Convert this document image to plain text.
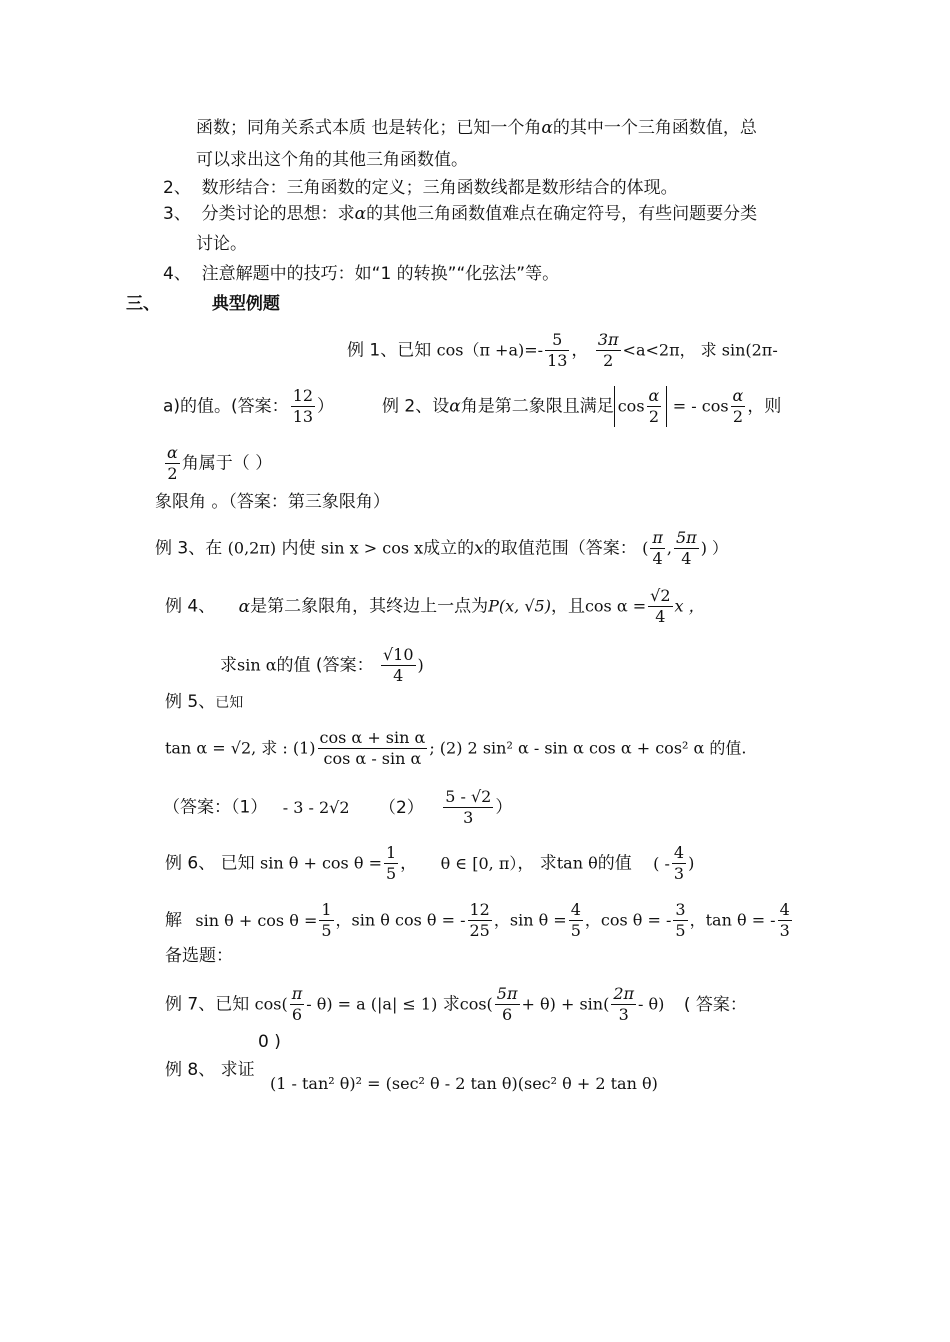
函数；同角关系式本质 也是转化；已知一个角α的其中一个三角函数值，总
可以求出这个角的其他三角函数值。
2、 数形结合：三角函数的定义；三角函数线都是数形结合的体现。
3、 分类讨论的思想：求α的其他三角函数值难点在确定符号，有些问题要分类
讨论。
4、 注意解题中的技巧：如“1 的转换”“化弦法”等。
三、	典型例题
例 1、已知 $\cos(\pi +a)=- \frac{5}{13}$ ， $\frac{3\pi}{2} <a<2\pi$， 求 sin(2π-
a)的值。(答案： $\frac{12}{13}$ ）	例 2、设α角是第二象限且满足 $\cos \frac{\alpha}{2}$ = - $\cos \frac{\alpha}{2}$ ，则
$\frac{\alpha}{2}$ 角属于（ ）
象限角 。（答案：第三象限角）
例 3、在 (0,2π) 内使 sin x > cos x成立的x的取值范围（答案： ( $\frac{\pi}{4}$ , $\frac{5\pi}{4}$ ) ）
例 4、 α是第二象限角，其终边上一点为P(x, √5)，且$\cos \alpha = \frac{√2}{4}$ x ，
求sin α的值 (答案： $\frac{√10}{4}$ )
例 5、已知
tan α = √2, 求 : $(1) \frac{\text{cos α + sin α}}{\text{cos α - sin α}}$ ; (2) 2 sin² α - sin α cos α + cos² α 的值.
（答案：（1） - 3 - 2√2 $(2) \frac{5 - √2}{3}$ ）
例 6、 已知 $\sin \theta + \cos \theta = \frac{1}{5}$ ， θ ∈ [0, π）， 求tan θ的值 ( - $\frac{4}{3}$ )
解 $\sin \theta + \cos \theta = \frac{1}{5}$ ，sin θ cos θ = - $\frac{12}{25}$ ，$\sin \theta = \frac{4}{5}$ ，cos θ = - $\frac{3}{5}$ ，tan θ = - $\frac{4}{3}$
备选题：
例 7、已知 $\cos( \frac{\pi}{6} - \theta) = a$ (|a| ≤ 1) 求$\cos( \frac{5\pi}{6} + \theta) + \sin( \frac{2\pi}{3} - \theta)$ ( 答案：
0 )
例 8、 求证
(1 - tan² θ)² = (sec² θ - 2 tan θ)(sec² θ + 2 tan θ)
